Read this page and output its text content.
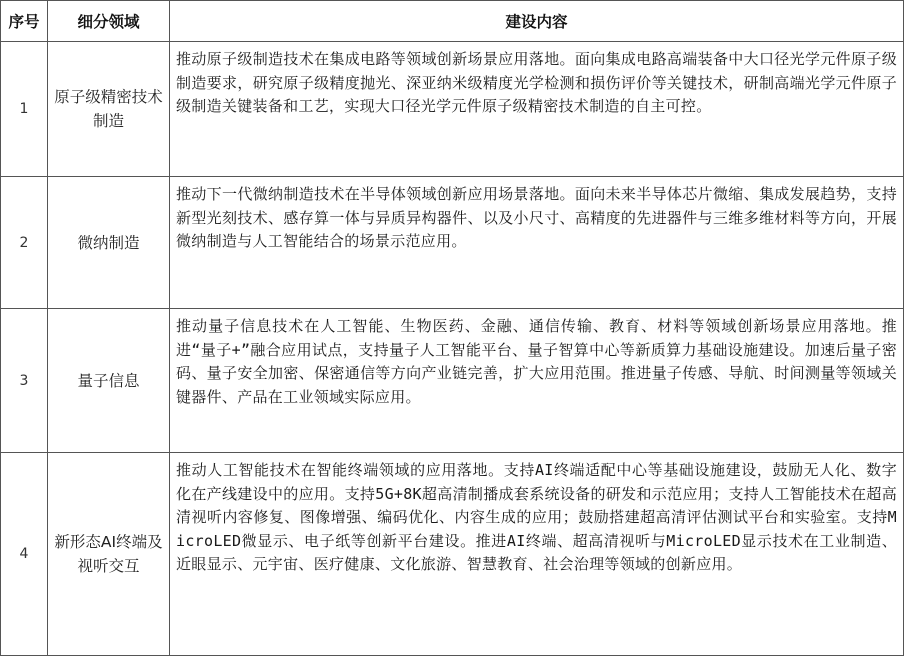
序号	细分领域	建设内容
1	原子级精密技术制造	推动原子级制造技术在集成电路等领域创新场景应用落地。面向集成电路高端装备中大口径光学元件原子级制造要求，研究原子级精度抛光、深亚纳米级精度光学检测和损伤评价等关键技术，研制高端光学元件原子级制造关键装备和工艺，实现大口径光学元件原子级精密技术制造的自主可控。
2	微纳制造	推动下一代微纳制造技术在半导体领域创新应用场景落地。面向未来半导体芯片微缩、集成发展趋势，支持新型光刻技术、感存算一体与异质异构器件、以及小尺寸、高精度的先进器件与三维多维材料等方向，开展微纳制造与人工智能结合的场景示范应用。
3	量子信息	推动量子信息技术在人工智能、生物医药、金融、通信传输、教育、材料等领域创新场景应用落地。推进“量子+”融合应用试点，支持量子人工智能平台、量子智算中心等新质算力基础设施建设。加速后量子密码、量子安全加密、保密通信等方向产业链完善，扩大应用范围。推进量子传感、导航、时间测量等领域关键器件、产品在工业领域实际应用。
4	新形态AI终端及视听交互	推动人工智能技术在智能终端领域的应用落地。支持AI终端适配中心等基础设施建设，鼓励无人化、数字化在产线建设中的应用。支持5G+8K超高清制播成套系统设备的研发和示范应用；支持人工智能技术在超高清视听内容修复、图像增强、编码优化、内容生成的应用；鼓励搭建超高清评估测试平台和实验室。支持MicroLED微显示、电子纸等创新平台建设。推进AI终端、超高清视听与MicroLED显示技术在工业制造、近眼显示、元宇宙、医疗健康、文化旅游、智慧教育、社会治理等领域的创新应用。
